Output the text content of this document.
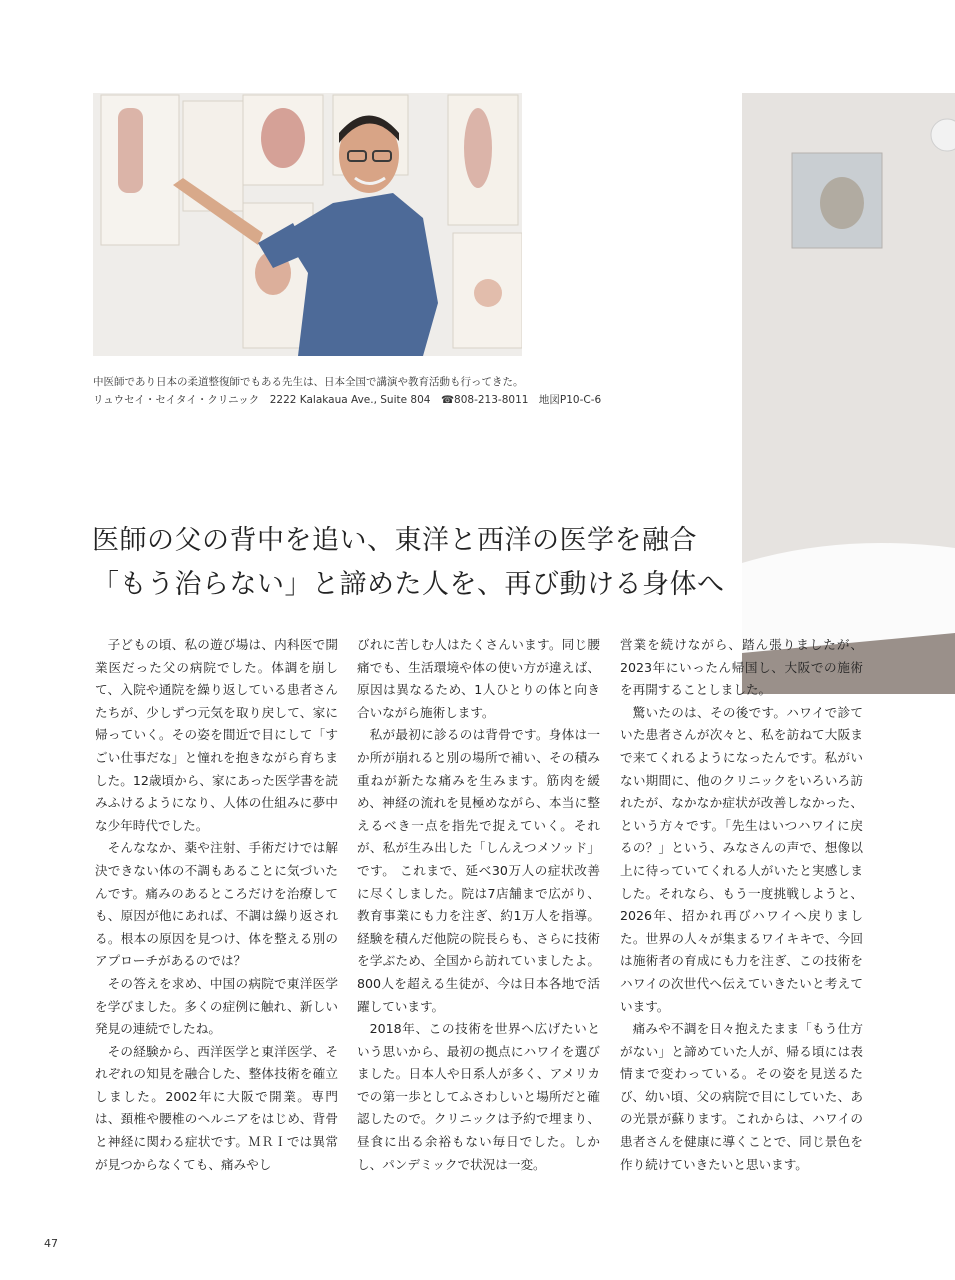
中医師であり日本の柔道整復師でもある先生は、日本全国で講演や教育活動も行ってきた。
リュウセイ・セイタイ・クリニック　2222 Kalakaua Ave., Suite 804　☎808-213-8011　地図P10-C-6
医師の父の背中を追い、東洋と西洋の医学を融合
「もう治らない」と諦めた人を、再び動ける身体へ

子どもの頃、私の遊び場は、内科医で開業医だった父の病院でした。体調を崩して、入院や通院を繰り返している患者さんたちが、少しずつ元気を取り戻して、家に帰っていく。その姿を間近で目にして「すごい仕事だな」と憧れを抱きながら育ちました。12歳頃から、家にあった医学書を読みふけるようになり、人体の仕組みに夢中な少年時代でした。

そんななか、薬や注射、手術だけでは解決できない体の不調もあることに気づいたんです。痛みのあるところだけを治療しても、原因が他にあれば、不調は繰り返される。根本の原因を見つけ、体を整える別のアプローチがあるのでは？

その答えを求め、中国の病院で東洋医学を学びました。多くの症例に触れ、新しい発見の連続でしたね。

その経験から、西洋医学と東洋医学、それぞれの知見を融合した、整体技術を確立しました。2002年に大阪で開業。専門は、頚椎や腰椎のヘルニアをはじめ、背骨と神経に関わる症状です。ＭＲＩでは異常が見つからなくても、痛みやし

びれに苦しむ人はたくさんいます。同じ腰痛でも、生活環境や体の使い方が違えば、原因は異なるため、1人ひとりの体と向き合いながら施術します。

私が最初に診るのは背骨です。身体は一か所が崩れると別の場所で補い、その積み重ねが新たな痛みを生みます。筋肉を緩め、神経の流れを見極めながら、本当に整えるべき一点を指先で捉えていく。それが、私が生み出した「しんえつメソッド」です。 これまで、延べ30万人の症状改善に尽くしました。院は7店舗まで広がり、教育事業にも力を注ぎ、約1万人を指導。経験を積んだ他院の院長らも、さらに技術を学ぶため、全国から訪れていましたよ。800人を超える生徒が、今は日本各地で活躍しています。

2018年、この技術を世界へ広げたいという思いから、最初の拠点にハワイを選びました。日本人や日系人が多く、アメリカでの第一歩としてふさわしいと場所だと確認したので。クリニックは予約で埋まり、昼食に出る余裕もない毎日でした。しかし、パンデミックで状況は一変。

営業を続けながら、踏ん張りましたが、2023年にいったん帰国し、大阪での施術を再開することしました。

驚いたのは、その後です。ハワイで診ていた患者さんが次々と、私を訪ねて大阪まで来てくれるようになったんです。私がいない期間に、他のクリニックをいろいろ訪れたが、なかなか症状が改善しなかった、という方々です。「先生はいつハワイに戻るの？」という、みなさんの声で、想像以上に待っていてくれる人がいたと実感しました。それなら、もう一度挑戦しようと、2026年、招かれ再びハワイへ戻りました。世界の人々が集まるワイキキで、今回は施術者の育成にも力を注ぎ、この技術をハワイの次世代へ伝えていきたいと考えています。

痛みや不調を日々抱えたまま「もう仕方がない」と諦めていた人が、帰る頃には表情まで変わっている。その姿を見送るたび、幼い頃、父の病院で目にしていた、あの光景が蘇ります。これからは、ハワイの患者さんを健康に導くことで、同じ景色を作り続けていきたいと思います。

47
